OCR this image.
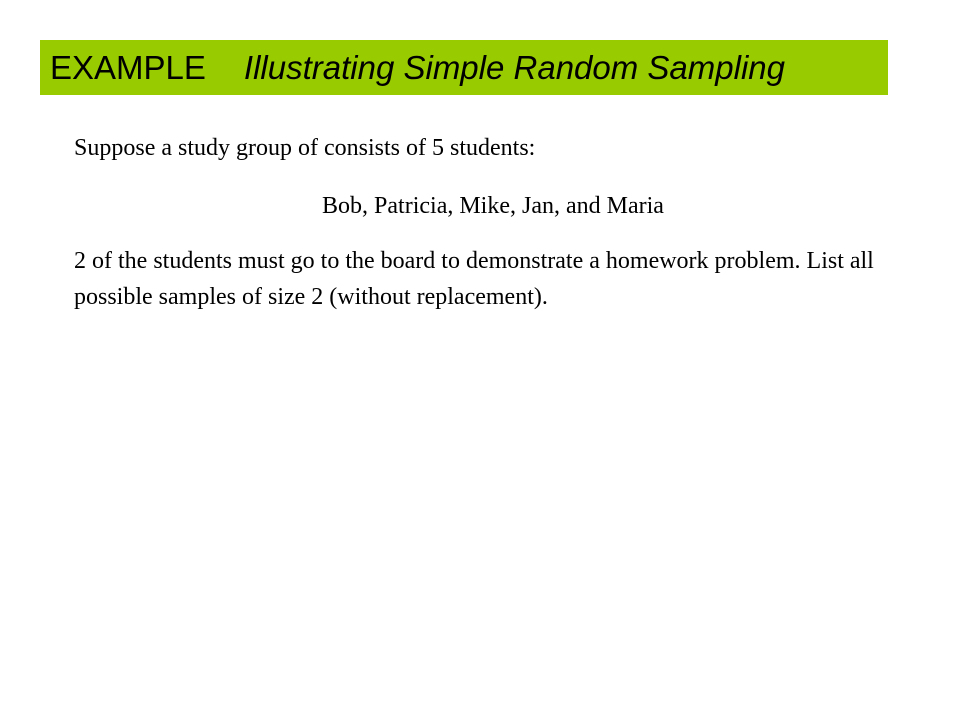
EXAMPLE Illustrating Simple Random Sampling

Suppose a study group of consists of 5 students:

Bob, Patricia, Mike, Jan, and Maria

2 of the students must go to the board to demonstrate a homework problem. List all possible samples of size 2 (without replacement).
